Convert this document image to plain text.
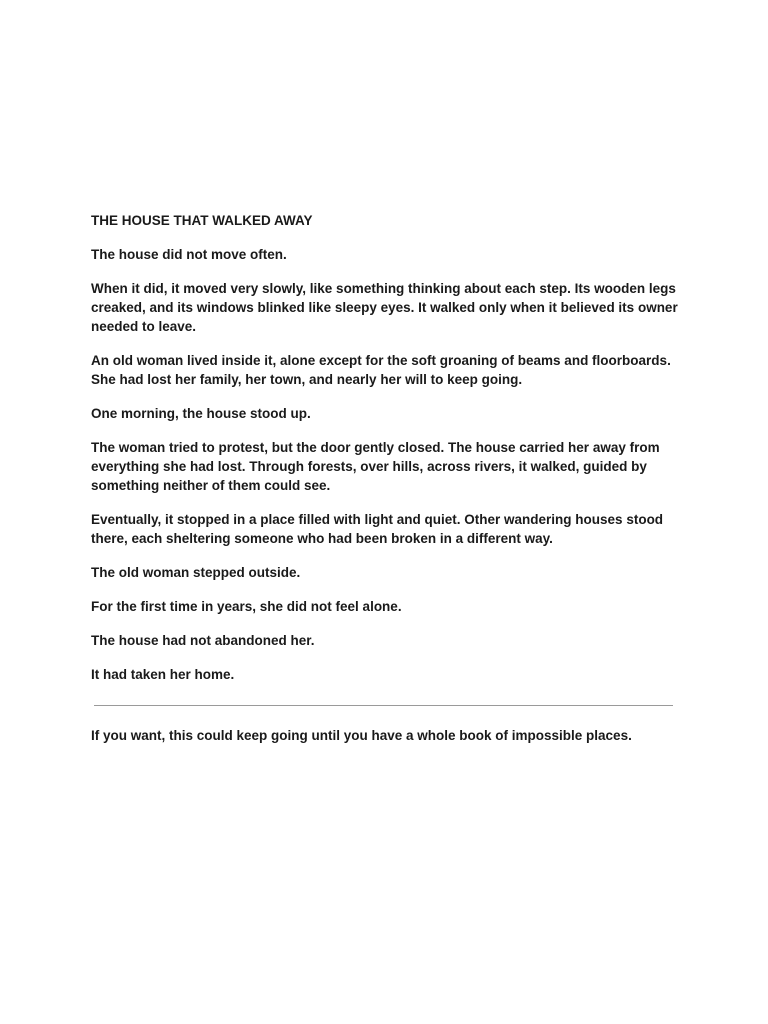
THE HOUSE THAT WALKED AWAY

The house did not move often.

When it did, it moved very slowly, like something thinking about each step. Its wooden legs creaked, and its windows blinked like sleepy eyes. It walked only when it believed its owner needed to leave.

An old woman lived inside it, alone except for the soft groaning of beams and floorboards. She had lost her family, her town, and nearly her will to keep going.

One morning, the house stood up.

The woman tried to protest, but the door gently closed. The house carried her away from everything she had lost. Through forests, over hills, across rivers, it walked, guided by something neither of them could see.

Eventually, it stopped in a place filled with light and quiet. Other wandering houses stood there, each sheltering someone who had been broken in a different way.

The old woman stepped outside.

For the first time in years, she did not feel alone.

The house had not abandoned her.

It had taken her home.

If you want, this could keep going until you have a whole book of impossible places.
